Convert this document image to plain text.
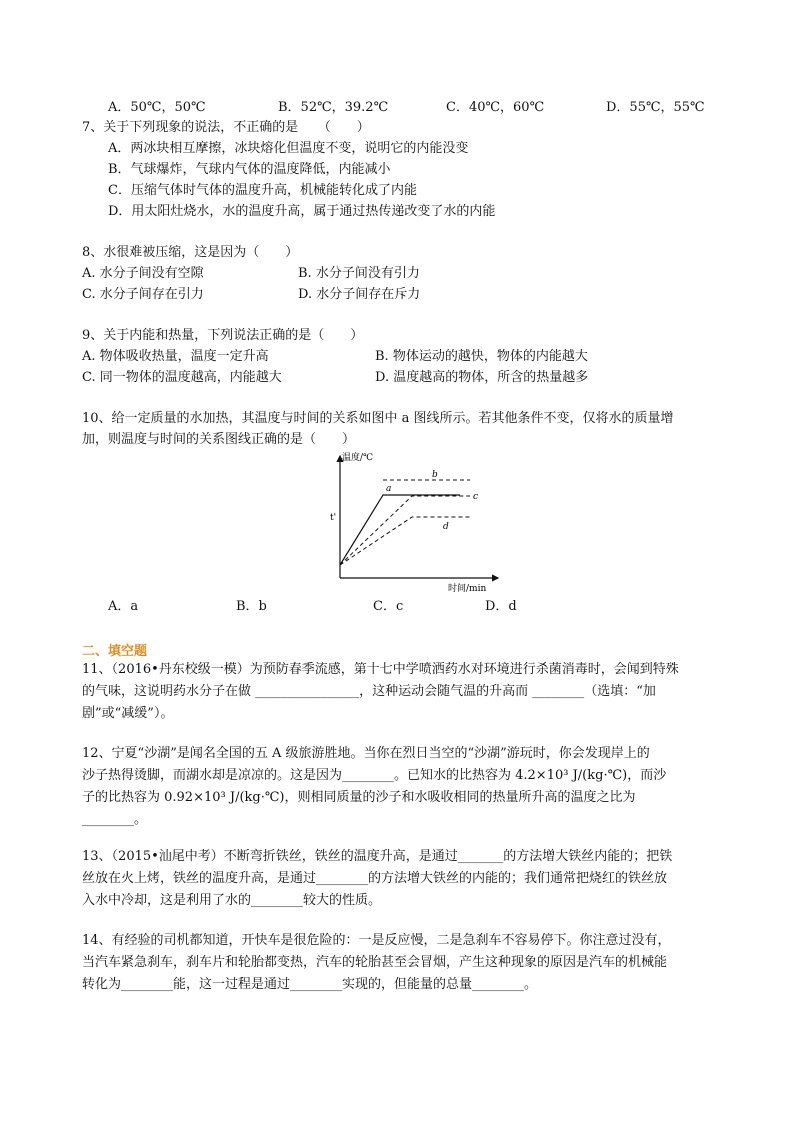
A．50℃，50℃	B．52℃，39.2℃	C．40℃，60℃	D．55℃，55℃
7、关于下列现象的说法，不正确的是　　（　　）
A．两冰块相互摩擦，冰块熔化但温度不变，说明它的内能没变
B．气球爆炸，气球内气体的温度降低，内能减小
C．压缩气体时气体的温度升高，机械能转化成了内能
D．用太阳灶烧水，水的温度升高，属于通过热传递改变了水的内能
8、水很难被压缩，这是因为（　　）
A. 水分子间没有空隙	B. 水分子间没有引力
C. 水分子间存在引力	D. 水分子间存在斥力
9、关于内能和热量，下列说法正确的是（　　）
A. 物体吸收热量，温度一定升高	B. 物体运动的越快，物体的内能越大
C. 同一物体的温度越高，内能越大	D. 温度越高的物体，所含的热量越多
10、给一定质量的水加热，其温度与时间的关系如图中 a 图线所示。若其他条件不变，仅将水的质量增
加，则温度与时间的关系图线正确的是（　　）
温度/℃
时间/min
t'
a
b
c
d
A．a	B．b	C．c	D．d
二、填空题
11、（2016•丹东校级一模）为预防春季流感，第十七中学喷洒药水对环境进行杀菌消毒时，会闻到特殊
的气味，这说明药水分子在做 ________________，这种运动会随气温的升高而 ________（选填：“加
剧”或“减缓”）。
12、宁夏“沙湖”是闻名全国的五 A 级旅游胜地。当你在烈日当空的“沙湖”游玩时，你会发现岸上的
沙子热得烫脚，而湖水却是凉凉的。这是因为________。已知水的比热容为 4.2×10³ J/(kg·℃)，而沙
子的比热容为 0.92×10³ J/(kg·℃)，则相同质量的沙子和水吸收相同的热量所升高的温度之比为
________。
13、（2015•汕尾中考）不断弯折铁丝，铁丝的温度升高，是通过_______的方法增大铁丝内能的；把铁
丝放在火上烤，铁丝的温度升高，是通过________的方法增大铁丝的内能的；我们通常把烧红的铁丝放
入水中冷却，这是利用了水的________较大的性质。
14、有经验的司机都知道，开快车是很危险的：一是反应慢，二是急刹车不容易停下。你注意过没有，
当汽车紧急刹车，刹车片和轮胎都变热，汽车的轮胎甚至会冒烟，产生这种现象的原因是汽车的机械能
转化为________能，这一过程是通过________实现的，但能量的总量________。
